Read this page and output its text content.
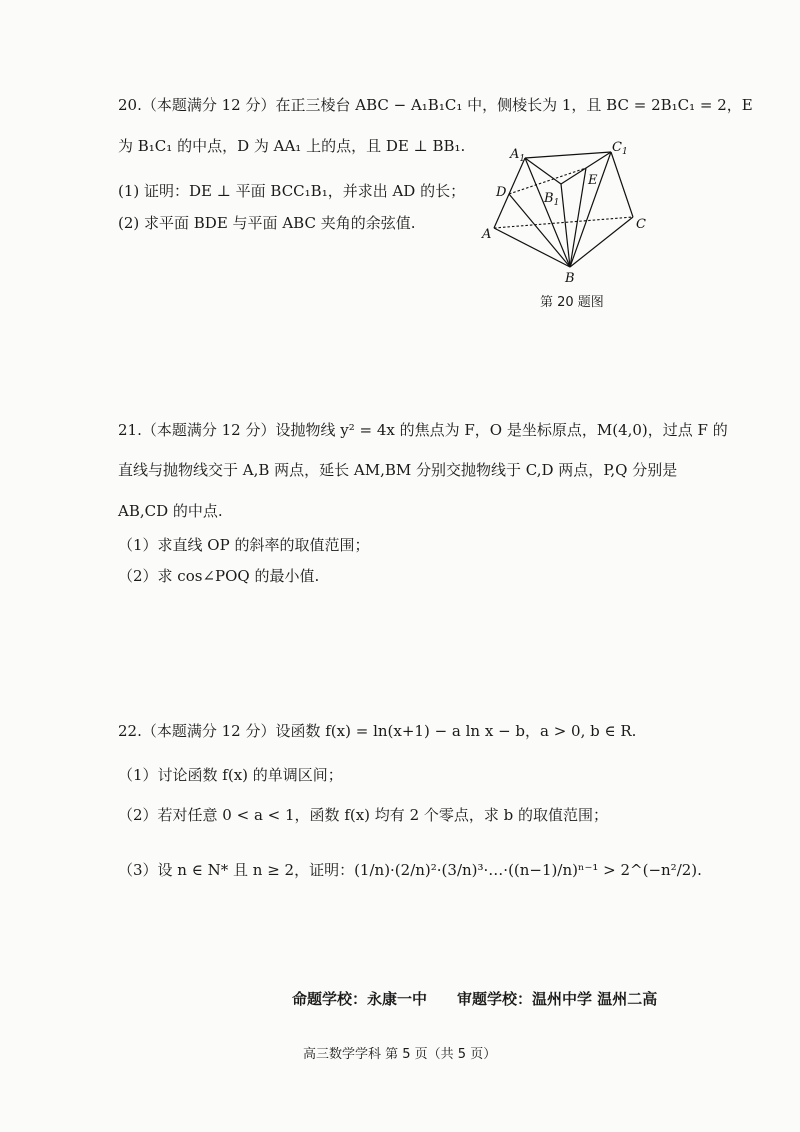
20.（本题满分 12 分）在正三棱台 ABC − A₁B₁C₁ 中，侧棱长为 1，且 BC = 2B₁C₁ = 2，E
为 B₁C₁ 的中点，D 为 AA₁ 上的点，且 DE ⊥ BB₁.
(1) 证明：DE ⊥ 平面 BCC₁B₁，并求出 AD 的长；
(2) 求平面 BDE 与平面 ABC 夹角的余弦值.
$A_1$
$C_1$
D
E
$B_1$
A
C
B
第 20 题图
21.（本题满分 12 分）设抛物线 y² = 4x 的焦点为 F，O 是坐标原点，M(4,0)，过点 F 的
直线与抛物线交于 A,B 两点，延长 AM,BM 分别交抛物线于 C,D 两点，P,Q 分别是
AB,CD 的中点.
（1）求直线 OP 的斜率的取值范围；
（2）求 cos∠POQ 的最小值.
22.（本题满分 12 分）设函数 f(x) = ln(x+1) − a ln x − b，a > 0, b ∈ R.
（1）讨论函数 f(x) 的单调区间；
（2）若对任意 0 < a < 1，函数 f(x) 均有 2 个零点，求 b 的取值范围；
（3）设 n ∈ N* 且 n ≥ 2，证明：(1/n)·(2/n)²·(3/n)³·…·((n−1)/n)ⁿ⁻¹ > 2^(−n²/2).
命题学校：永康一中　　审题学校：温州中学 温州二高
高三数学学科 第 5 页（共 5 页）
